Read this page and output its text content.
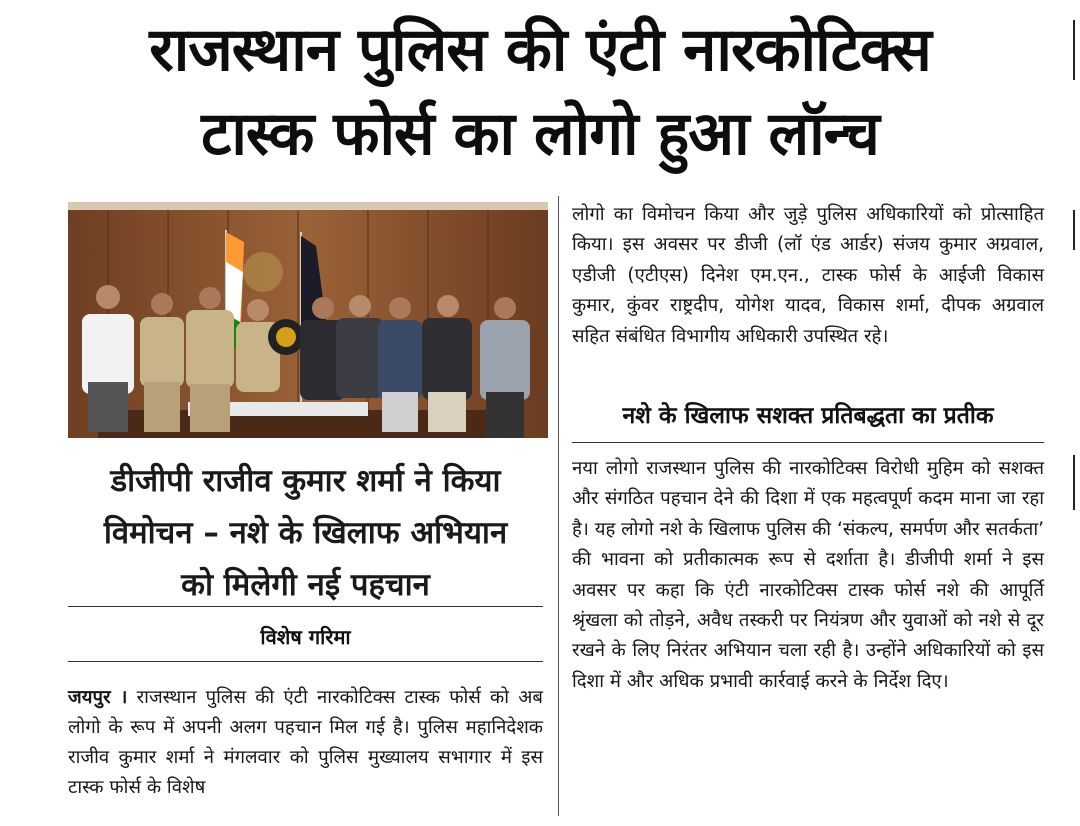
राजस्थान पुलिस की एंटी नारकोटिक्स
टास्क फोर्स का लोगो हुआ लॉन्च
डीजीपी राजीव कुमार शर्मा ने किया
विमोचन – नशे के खिलाफ अभियान
को मिलेगी नई पहचान
विशेष गरिमा
जयपुर । राजस्थान पुलिस की एंटी नारकोटिक्स टास्क फोर्स को अब लोगो के रूप में अपनी अलग पहचान मिल गई है। पुलिस महानिदेशक राजीव कुमार शर्मा ने मंगलवार को पुलिस मुख्यालय सभागार में इस टास्क फोर्स के विशेष
लोगो का विमोचन किया और जुड़े पुलिस अधिकारियों को प्रोत्साहित किया। इस अवसर पर डीजी (लॉ एंड आर्डर) संजय कुमार अग्रवाल, एडीजी (एटीएस) दिनेश एम.एन., टास्क फोर्स के आईजी विकास कुमार, कुंवर राष्ट्रदीप, योगेश यादव, विकास शर्मा, दीपक अग्रवाल सहित संबंधित विभागीय अधिकारी उपस्थित रहे।
नशे के खिलाफ सशक्त प्रतिबद्धता का प्रतीक
नया लोगो राजस्थान पुलिस की नारकोटिक्स विरोधी मुहिम को सशक्त और संगठित पहचान देने की दिशा में एक महत्वपूर्ण कदम माना जा रहा है। यह लोगो नशे के खिलाफ पुलिस की ‘संकल्प, समर्पण और सतर्कता’ की भावना को प्रतीकात्मक रूप से दर्शाता है। डीजीपी शर्मा ने इस अवसर पर कहा कि एंटी नारकोटिक्स टास्क फोर्स नशे की आपूर्ति श्रृंखला को तोड़ने, अवैध तस्करी पर नियंत्रण और युवाओं को नशे से दूर रखने के लिए निरंतर अभियान चला रही है। उन्होंने अधिकारियों को इस दिशा में और अधिक प्रभावी कार्रवाई करने के निर्देश दिए।
